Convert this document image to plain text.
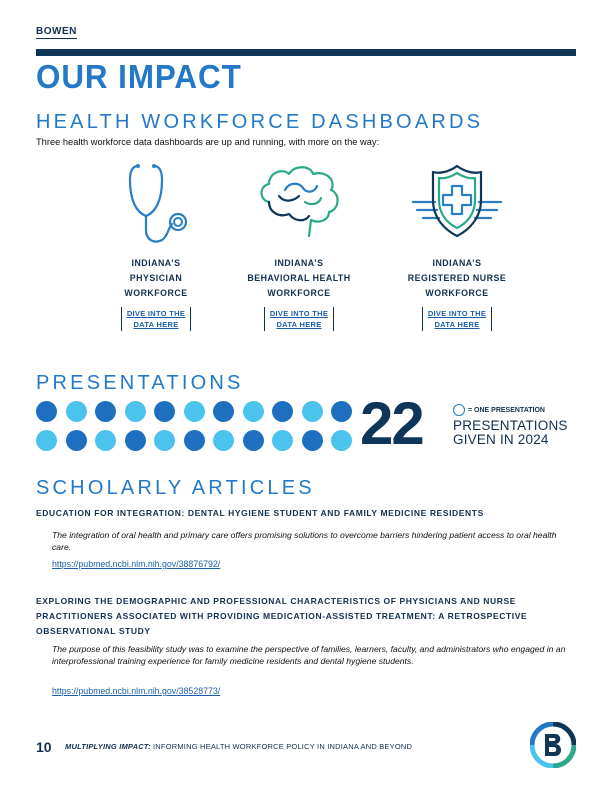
BOWEN
OUR IMPACT
HEALTH WORKFORCE DASHBOARDS
Three health workforce data dashboards are up and running, with more on the way:
INDIANA’S
PHYSICIAN
WORKFORCE
DIVE INTO THE
DATA HERE
INDIANA’S
BEHAVIORAL HEALTH
WORKFORCE
DIVE INTO THE
DATA HERE
INDIANA’S
REGISTERED NURSE
WORKFORCE
DIVE INTO THE
DATA HERE
PRESENTATIONS
22	= ONE PRESENTATION
PRESENTATIONS
GIVEN IN 2024
SCHOLARLY ARTICLES
EDUCATION FOR INTEGRATION: DENTAL HYGIENE STUDENT AND FAMILY MEDICINE RESIDENTS
The integration of oral health and primary care offers promising solutions to overcome barriers hindering patient access to oral health care.
https://pubmed.ncbi.nlm.nih.gov/38876792/
EXPLORING THE DEMOGRAPHIC AND PROFESSIONAL CHARACTERISTICS OF PHYSICIANS AND NURSE PRACTITIONERS ASSOCIATED WITH PROVIDING MEDICATION-ASSISTED TREATMENT: A RETROSPECTIVE OBSERVATIONAL STUDY
The purpose of this feasibility study was to examine the perspective of families, learners, faculty, and administrators who engaged in an interprofessional training experience for family medicine residents and dental hygiene students.
https://pubmed.ncbi.nlm.nih.gov/38528773/
10 MULTIPLYING IMPACT: INFORMING HEALTH WORKFORCE POLICY IN INDIANA AND BEYOND
